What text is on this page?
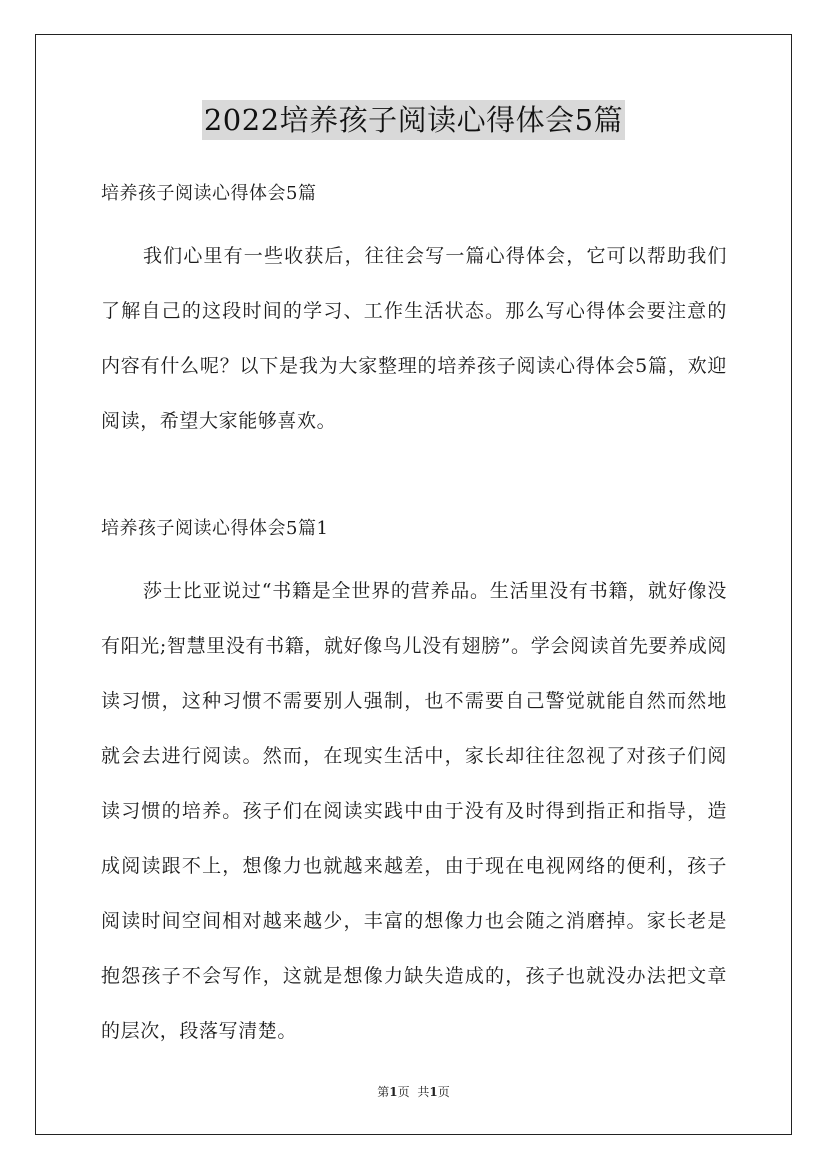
2022培养孩子阅读心得体会5篇

培养孩子阅读心得体会5篇

我们心里有一些收获后，往往会写一篇心得体会，它可以帮助我们了解自己的这段时间的学习、工作生活状态。那么写心得体会要注意的内容有什么呢？以下是我为大家整理的培养孩子阅读心得体会5篇，欢迎阅读，希望大家能够喜欢。

培养孩子阅读心得体会5篇1

莎士比亚说过“书籍是全世界的营养品。生活里没有书籍，就好像没有阳光;智慧里没有书籍，就好像鸟儿没有翅膀”。学会阅读首先要养成阅读习惯，这种习惯不需要别人强制，也不需要自己警觉就能自然而然地就会去进行阅读。然而，在现实生活中，家长却往往忽视了对孩子们阅读习惯的培养。孩子们在阅读实践中由于没有及时得到指正和指导，造成阅读跟不上，想像力也就越来越差，由于现在电视网络的便利，孩子阅读时间空间相对越来越少，丰富的想像力也会随之消磨掉。家长老是抱怨孩子不会写作，这就是想像力缺失造成的，孩子也就没办法把文章的层次，段落写清楚。

第1页 共1页
